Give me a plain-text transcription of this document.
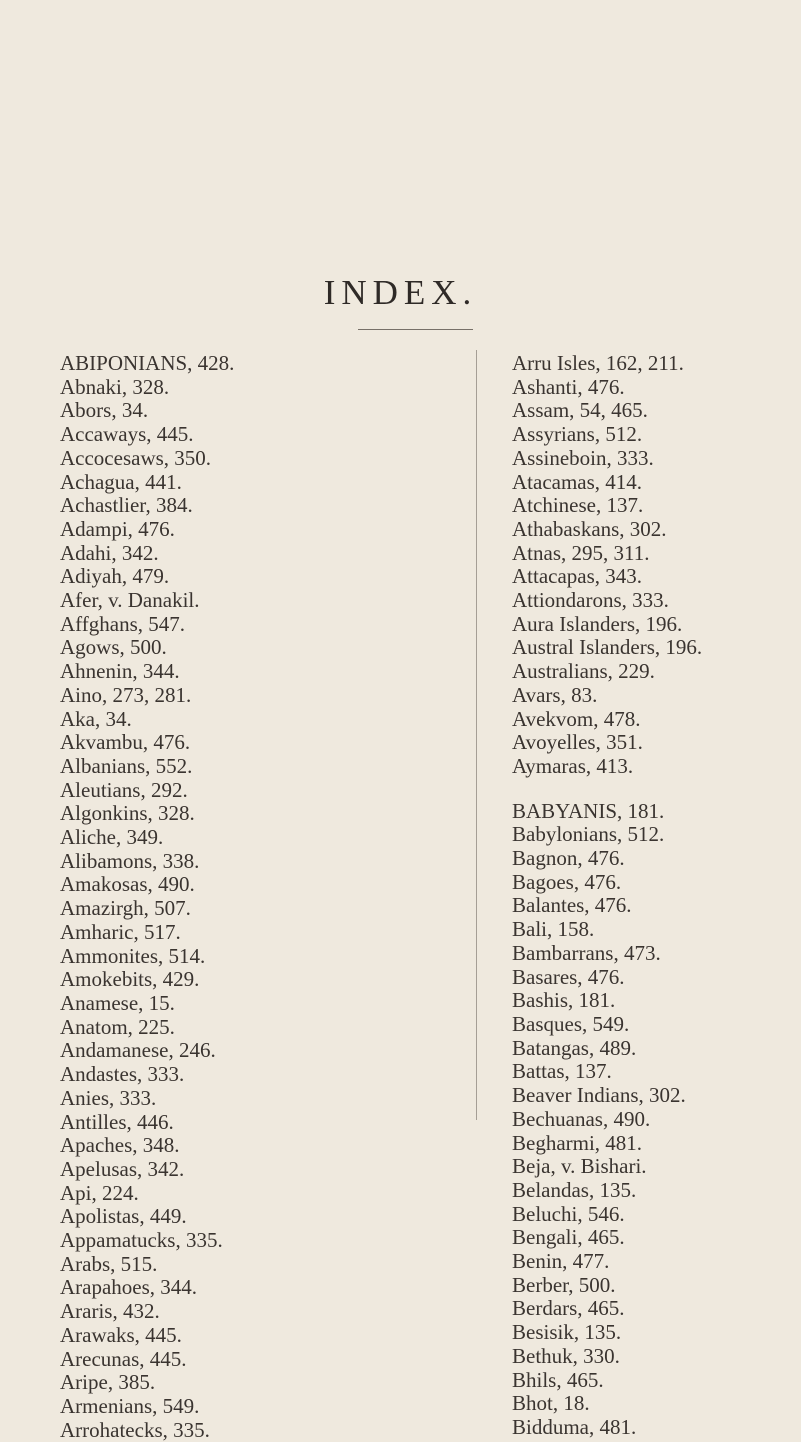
INDEX.
ABIPONIANS, 428.
Abnaki, 328.
Abors, 34.
Accaways, 445.
Accocesaws, 350.
Achagua, 441.
Achastlier, 384.
Adampi, 476.
Adahi, 342.
Adiyah, 479.
Afer, v. Danakil.
Affghans, 547.
Agows, 500.
Ahnenin, 344.
Aino, 273, 281.
Aka, 34.
Akvambu, 476.
Albanians, 552.
Aleutians, 292.
Algonkins, 328.
Aliche, 349.
Alibamons, 338.
Amakosas, 490.
Amazirgh, 507.
Amharic, 517.
Ammonites, 514.
Amokebits, 429.
Anamese, 15.
Anatom, 225.
Andamanese, 246.
Andastes, 333.
Anies, 333.
Antilles, 446.
Apaches, 348.
Apelusas, 342.
Api, 224.
Apolistas, 449.
Appamatucks, 335.
Arabs, 515.
Arapahoes, 344.
Araris, 432.
Arawaks, 445.
Arecunas, 445.
Aripe, 385.
Armenians, 549.
Arrohatecks, 335.
Arru Isles, 162, 211.
Ashanti, 476.
Assam, 54, 465.
Assyrians, 512.
Assineboin, 333.
Atacamas, 414.
Atchinese, 137.
Athabaskans, 302.
Atnas, 295, 311.
Attacapas, 343.
Attiondarons, 333.
Aura Islanders, 196.
Austral Islanders, 196.
Australians, 229.
Avars, 83.
Avekvom, 478.
Avoyelles, 351.
Aymaras, 413.
BABYANIS, 181.
Babylonians, 512.
Bagnon, 476.
Bagoes, 476.
Balantes, 476.
Bali, 158.
Bambarrans, 473.
Basares, 476.
Bashis, 181.
Basques, 549.
Batangas, 489.
Battas, 137.
Beaver Indians, 302.
Bechuanas, 490.
Begharmi, 481.
Beja, v. Bishari.
Belandas, 135.
Beluchi, 546.
Bengali, 465.
Benin, 477.
Berber, 500.
Berdars, 465.
Besisik, 135.
Bethuk, 330.
Bhils, 465.
Bhot, 18.
Bidduma, 481.
